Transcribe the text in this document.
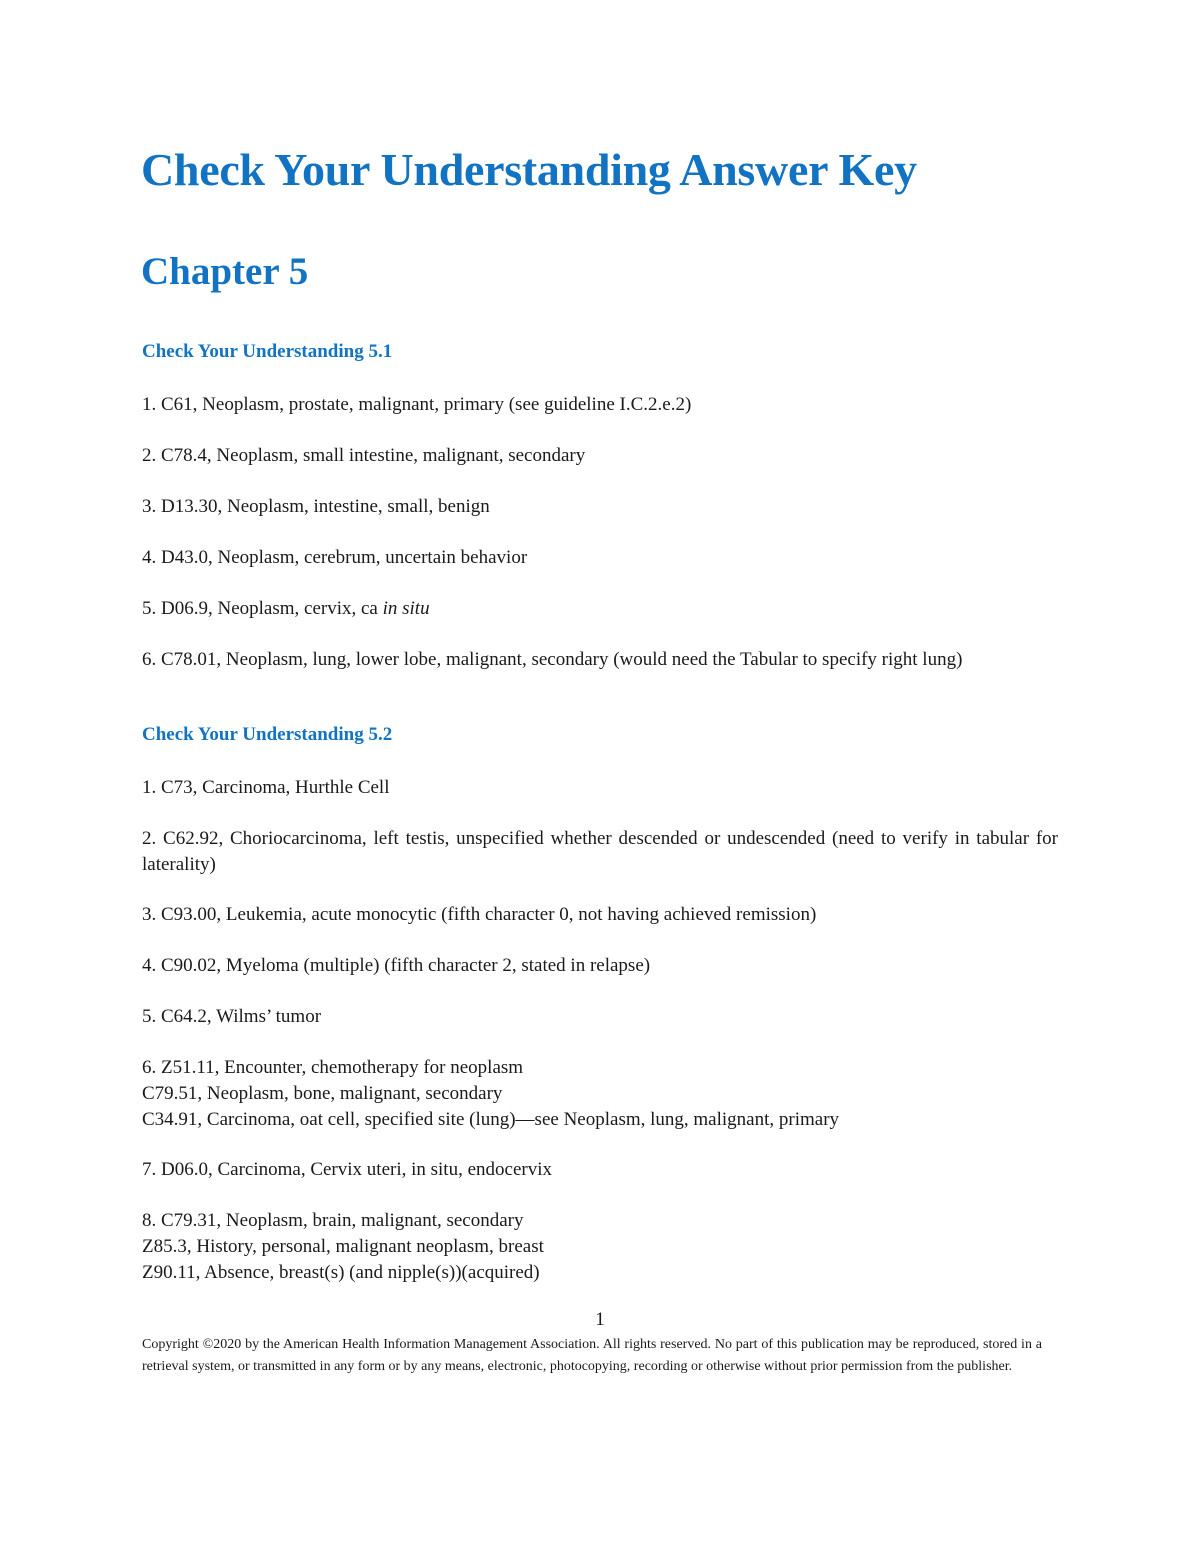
Check Your Understanding Answer Key
Chapter 5
Check Your Understanding 5.1

1. C61, Neoplasm, prostate, malignant, primary (see guideline I.C.2.e.2)

2. C78.4, Neoplasm, small intestine, malignant, secondary

3. D13.30, Neoplasm, intestine, small, benign

4. D43.0, Neoplasm, cerebrum, uncertain behavior

5. D06.9, Neoplasm, cervix, ca in situ

6. C78.01, Neoplasm, lung, lower lobe, malignant, secondary (would need the Tabular to specify right lung)

Check Your Understanding 5.2

1. C73, Carcinoma, Hurthle Cell

2. C62.92, Choriocarcinoma, left testis, unspecified whether descended or undescended (need to verify in tabular for laterality)

3. C93.00, Leukemia, acute monocytic (fifth character 0, not having achieved remission)

4. C90.02, Myeloma (multiple) (fifth character 2, stated in relapse)

5. C64.2, Wilms’ tumor

6. Z51.11, Encounter, chemotherapy for neoplasm
C79.51, Neoplasm, bone, malignant, secondary
C34.91, Carcinoma, oat cell, specified site (lung)—see Neoplasm, lung, malignant, primary

7. D06.0, Carcinoma, Cervix uteri, in situ, endocervix

8. C79.31, Neoplasm, brain, malignant, secondary
Z85.3, History, personal, malignant neoplasm, breast
Z90.11, Absence, breast(s) (and nipple(s))(acquired)
1
Copyright ©2020 by the American Health Information Management Association. All rights reserved. No part of this publication may be reproduced, stored in a retrieval system, or transmitted in any form or by any means, electronic, photocopying, recording or otherwise without prior permission from the publisher.
